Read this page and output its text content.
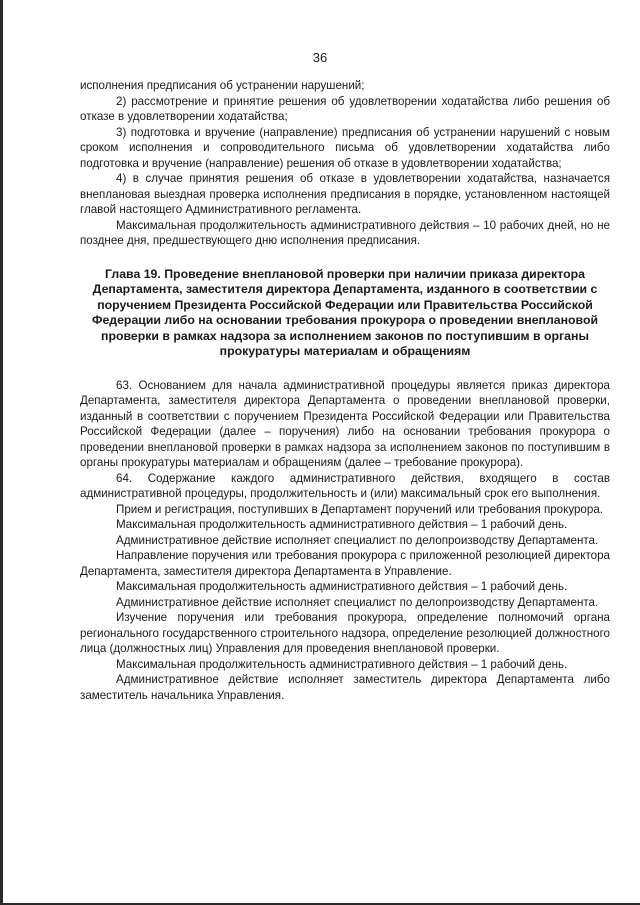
36

исполнения предписания об устранении нарушений;

2) рассмотрение и принятие решения об удовлетворении ходатайства либо решения об отказе в удовлетворении ходатайства;

3) подготовка и вручение (направление) предписания об устранении нарушений с новым сроком исполнения и сопроводительного письма об удовлетворении ходатайства либо подготовка и вручение (направление) решения об отказе в удовлетворении ходатайства;

4) в случае принятия решения об отказе в удовлетворении ходатайства, назначается внеплановая выездная проверка исполнения предписания в порядке, установленном настоящей главой настоящего Административного регламента.

Максимальная продолжительность административного действия – 10 рабочих дней, но не позднее дня, предшествующего дню исполнения предписания.

Глава 19. Проведение внеплановой проверки при наличии приказа директора Департамента, заместителя директора Департамента, изданного в соответствии с поручением Президента Российской Федерации или Правительства Российской Федерации либо на основании требования прокурора о проведении внеплановой проверки в рамках надзора за исполнением законов по поступившим в органы прокуратуры материалам и обращениям

63. Основанием для начала административной процедуры является приказ директора Департамента, заместителя директора Департамента о проведении внеплановой проверки, изданный в соответствии с поручением Президента Российской Федерации или Правительства Российской Федерации (далее – поручения) либо на основании требования прокурора о проведении внеплановой проверки в рамках надзора за исполнением законов по поступившим в органы прокуратуры материалам и обращениям (далее – требование прокурора).

64. Содержание каждого административного действия, входящего в состав административной процедуры, продолжительность и (или) максимальный срок его выполнения.

Прием и регистрация, поступивших в Департамент поручений или требования прокурора.

Максимальная продолжительность административного действия – 1 рабочий день.

Административное действие исполняет специалист по делопроизводству Департамента.

Направление поручения или требования прокурора с приложенной резолюцией директора Департамента, заместителя директора Департамента в Управление.

Максимальная продолжительность административного действия – 1 рабочий день.

Административное действие исполняет специалист по делопроизводству Департамента.

Изучение поручения или требования прокурора, определение полномочий органа регионального государственного строительного надзора, определение резолюцией должностного лица (должностных лиц) Управления для проведения внеплановой проверки.

Максимальная продолжительность административного действия – 1 рабочий день.

Административное действие исполняет заместитель директора Департамента либо заместитель начальника Управления.
